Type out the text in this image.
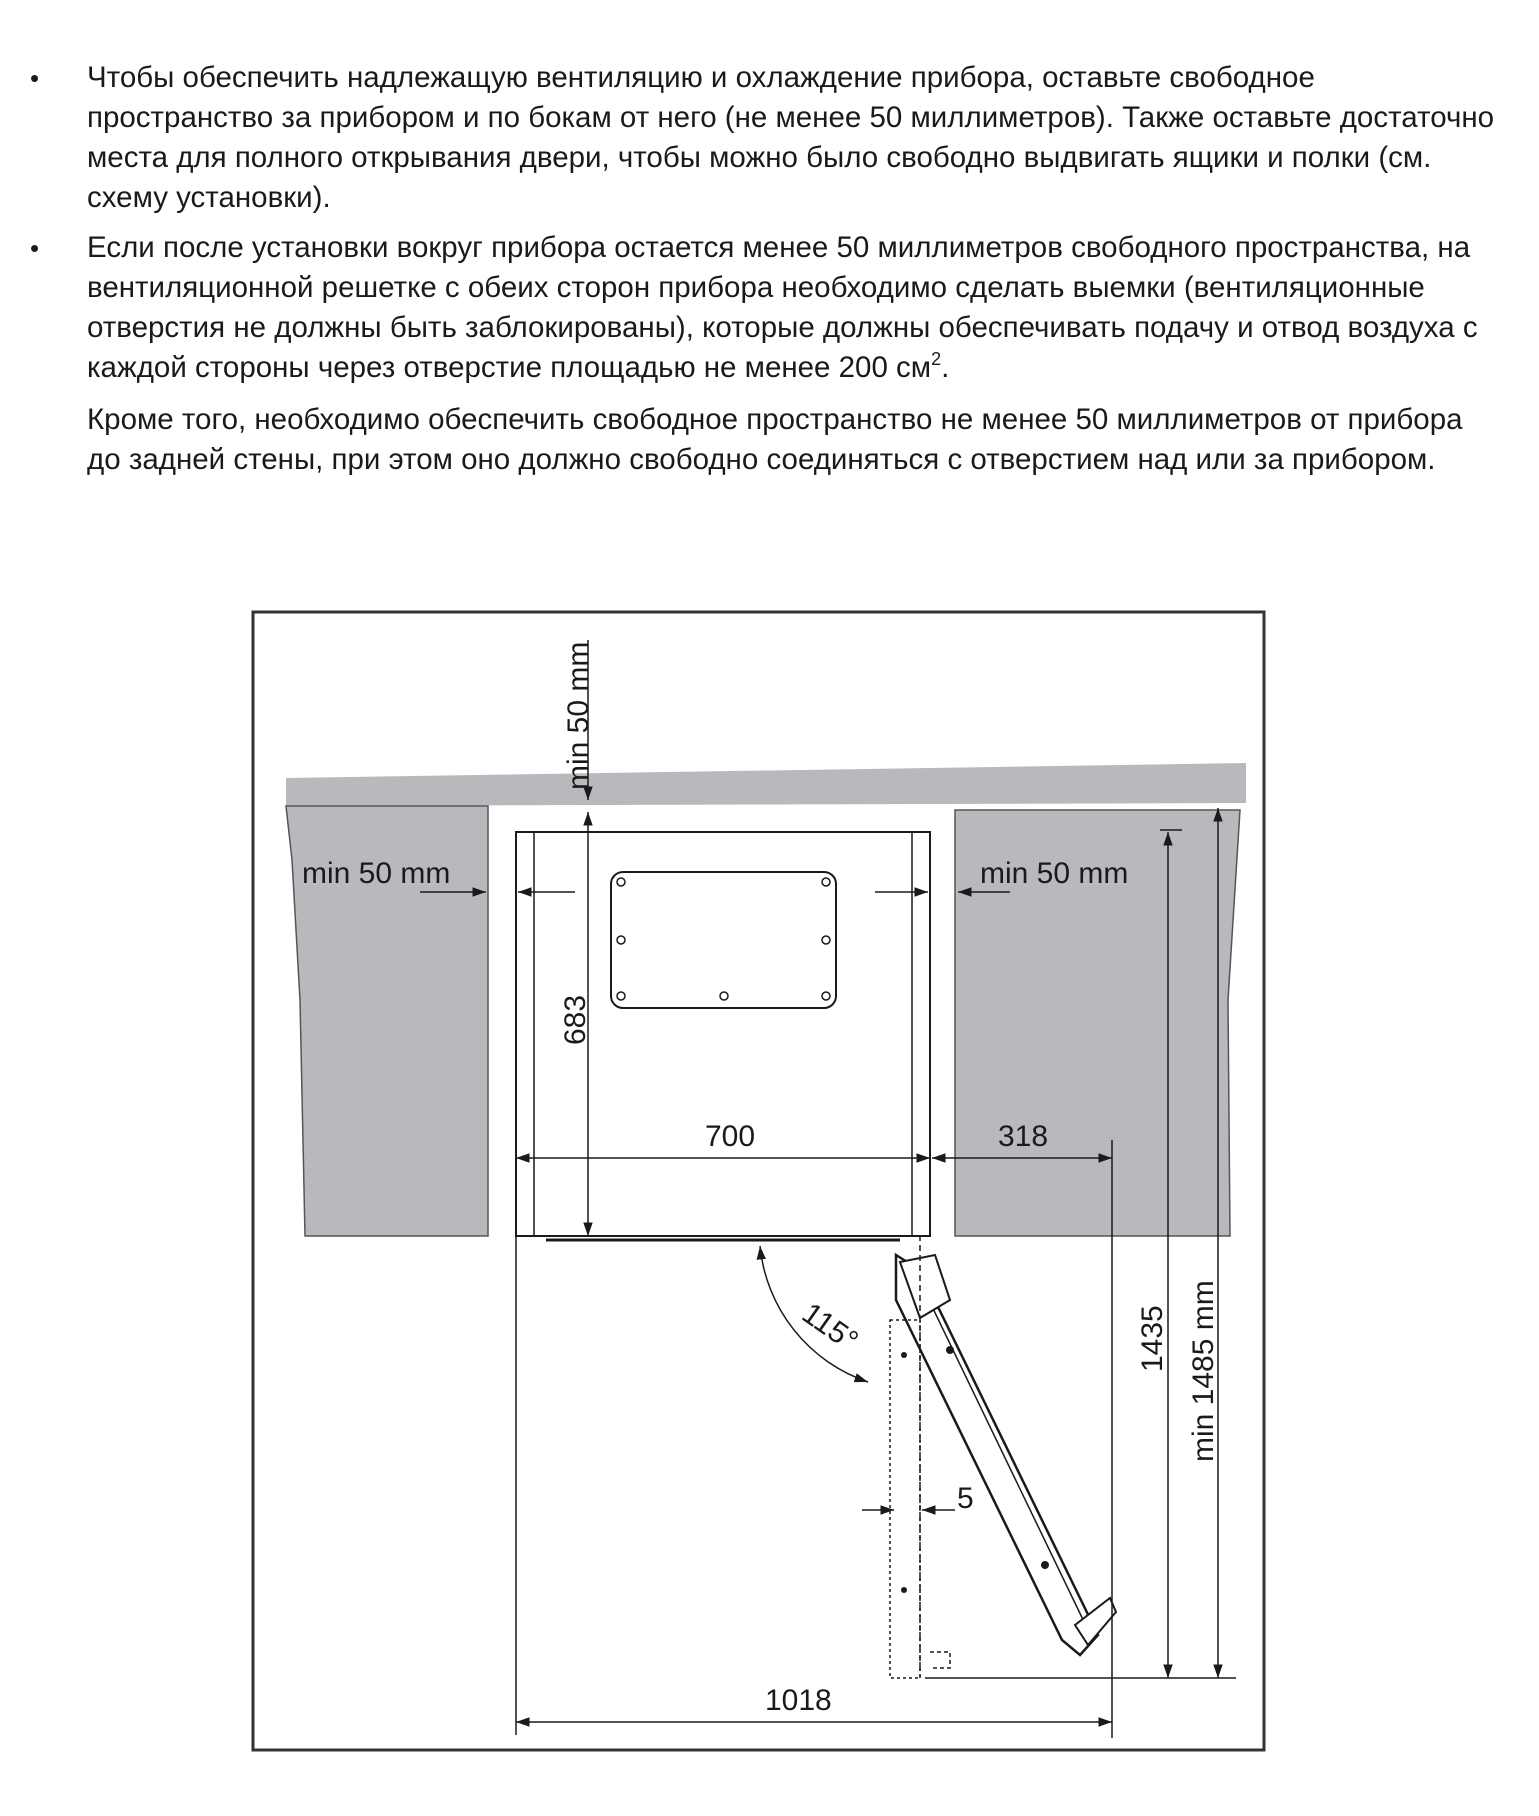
• Чтобы обеспечить надлежащую вентиляцию и охлаждение прибора, оставьте свободное пространство за прибором и по бокам от него (не менее 50 миллиметров). Также оставьте достаточно места для полного открывания двери, чтобы можно было свободно выдвигать ящики и полки (см. схему установки).
• Если после установки вокруг прибора остается менее 50 миллиметров свободного пространства, на вентиляционной решетке с обеих сторон прибора необходимо сделать выемки (вентиляционные отверстия не должны быть заблокированы), которые должны обеспечивать подачу и отвод воздуха с каждой стороны через отверстие площадью не менее 200 $см^2$.
Кроме того, необходимо обеспечить свободное пространство не менее 50 миллиметров от прибора до задней стены, при этом оно должно свободно соединяться с отверстием над или за прибором.
min 50 mm
683
min 50 mm	min 50 mm
700	318
115°
5
1435 min 1485 mm
1018
